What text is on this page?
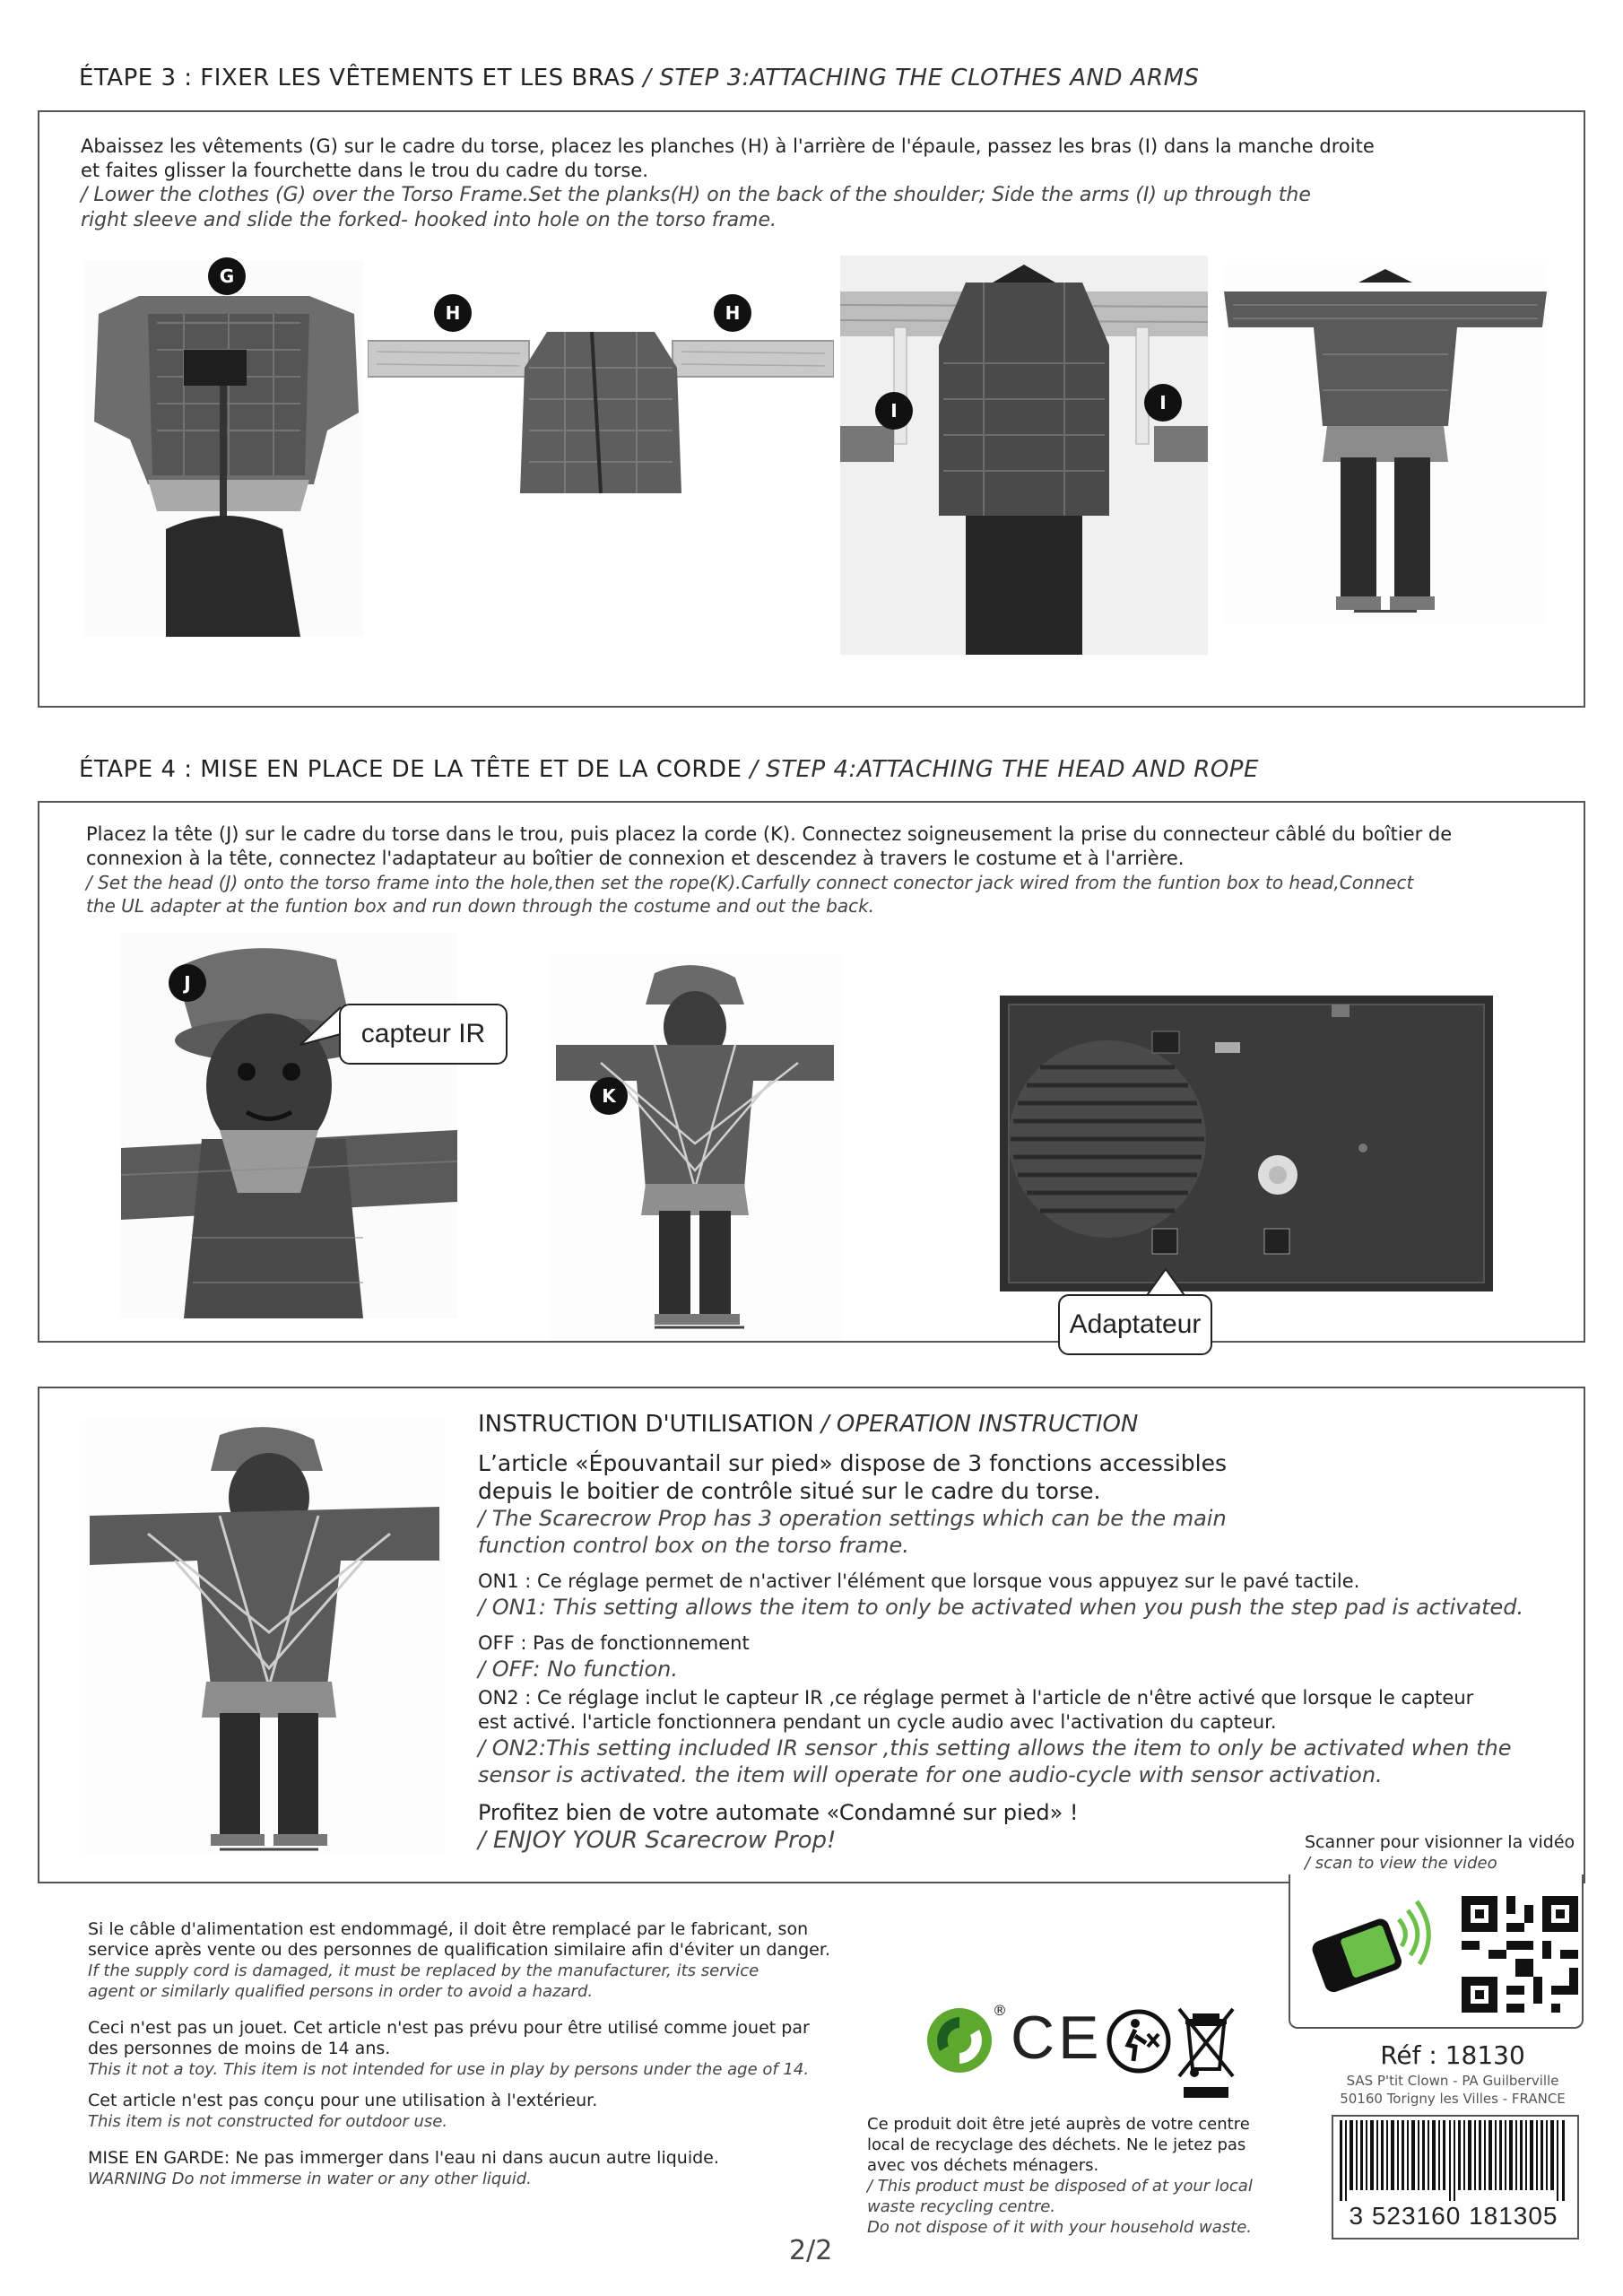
ÉTAPE 3 : FIXER LES VÊTEMENTS ET LES BRAS / STEP 3:ATTACHING THE CLOTHES AND ARMS
Abaissez les vêtements (G) sur le cadre du torse, placez les planches (H) à l'arrière de l'épaule, passez les bras (I) dans la manche droite
et faites glisser la fourchette dans le trou du cadre du torse.
/ Lower the clothes (G) over the Torso Frame.Set the planks(H) on the back of the shoulder; Side the arms (I) up through the
right sleeve and slide the forked- hooked into hole on the torso frame.
G
H	H
I	I
ÉTAPE 4 : MISE EN PLACE DE LA TÊTE ET DE LA CORDE / STEP 4:ATTACHING THE HEAD AND ROPE
Placez la tête (J) sur le cadre du torse dans le trou, puis placez la corde (K). Connectez soigneusement la prise du connecteur câblé du boîtier de
connexion à la tête, connectez l'adaptateur au boîtier de connexion et descendez à travers le costume et à l'arrière.
/ Set the head (J) onto the torso frame into the hole,then set the rope(K).Carfully connect conector jack wired from the funtion box to head,Connect
the UL adapter at the funtion box and run down through the costume and out the back.
J
capteur IR
K
Adaptateur
INSTRUCTION D'UTILISATION / OPERATION INSTRUCTION
L’article «Épouvantail sur pied» dispose de 3 fonctions accessibles
depuis le boitier de contrôle situé sur le cadre du torse.
/ The Scarecrow Prop has 3 operation settings which can be the main
function control box on the torso frame.
ON1 : Ce réglage permet de n'activer l'élément que lorsque vous appuyez sur le pavé tactile.
/ ON1: This setting allows the item to only be activated when you push the step pad is activated.
OFF : Pas de fonctionnement
/ OFF: No function.
ON2 : Ce réglage inclut le capteur IR ,ce réglage permet à l'article de n'être activé que lorsque le capteur
est activé. l'article fonctionnera pendant un cycle audio avec l'activation du capteur.
/ ON2:This setting included IR sensor ,this setting allows the item to only be activated when the
sensor is activated. the item will operate for one audio-cycle with sensor activation.
Profitez bien de votre automate «Condamné sur pied» !
/ ENJOY YOUR Scarecrow Prop!	Scanner pour visionner la vidéo
/ scan to view the video
Si le câble d'alimentation est endommagé, il doit être remplacé par le fabricant, son
service après vente ou des personnes de qualification similaire afin d'éviter un danger.
If the supply cord is damaged, it must be replaced by the manufacturer, its service
agent or similarly qualified persons in order to avoid a hazard.
Ceci n'est pas un jouet. Cet article n'est pas prévu pour être utilisé comme jouet par
des personnes de moins de 14 ans.
This it not a toy. This item is not intended for use in play by persons under the age of 14.
Cet article n'est pas conçu pour une utilisation à l'extérieur.
This item is not constructed for outdoor use.
MISE EN GARDE: Ne pas immerger dans l'eau ni dans aucun autre liquide.
WARNING Do not immerse in water or any other liquid.
® CE
Ce produit doit être jeté auprès de votre centre
local de recyclage des déchets. Ne le jetez pas
avec vos déchets ménagers.
/ This product must be disposed of at your local
waste recycling centre.
Do not dispose of it with your household waste.
Réf : 18130
SAS P'tit Clown - PA Guilberville
50160 Torigny les Villes - FRANCE
3 523160 181305
2/2
